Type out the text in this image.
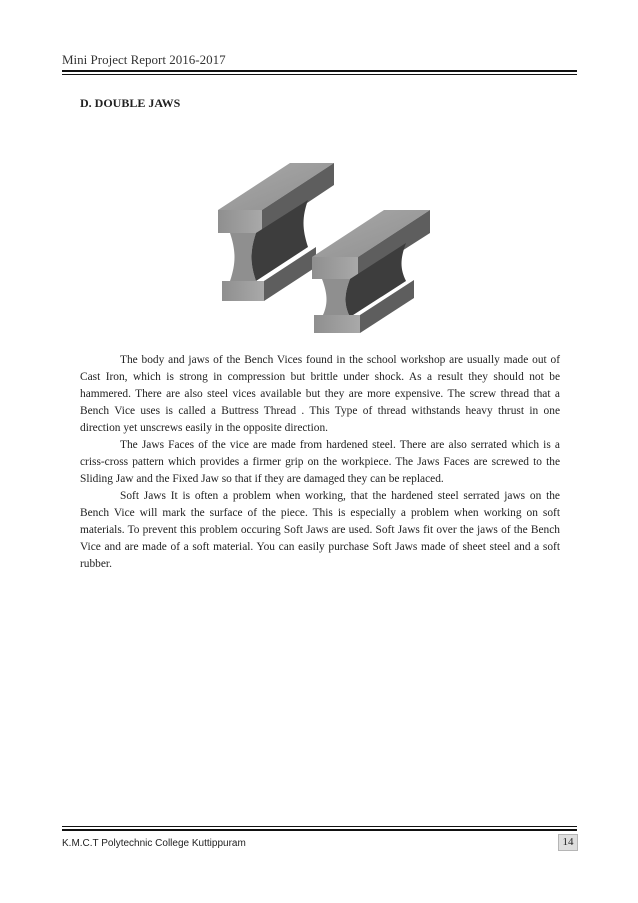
Mini Project Report 2016-2017
D. DOUBLE JAWS

The body and jaws of the Bench Vices found in the school workshop are usually made out of Cast Iron, which is strong in compression but brittle under shock. As a result they should not be hammered. There are also steel vices available but they are more expensive. The screw thread that a Bench Vice uses is called a Buttress Thread . This Type of thread withstands heavy thrust in one direction yet unscrews easily in the opposite direction.

The Jaws Faces of the vice are made from hardened steel. There are also serrated which is a criss-cross pattern which provides a firmer grip on the workpiece. The Jaws Faces are screwed to the Sliding Jaw and the Fixed Jaw so that if they are damaged they can be replaced.

Soft Jaws It is often a problem when working, that the hardened steel serrated jaws on the Bench Vice will mark the surface of the piece. This is especially a problem when working on soft materials. To prevent this problem occuring Soft Jaws are used. Soft Jaws fit over the jaws of the Bench Vice and are made of a soft material. You can easily purchase Soft Jaws made of sheet steel and a soft rubber.

K.M.C.T Polytechnic College Kuttippuram	14
